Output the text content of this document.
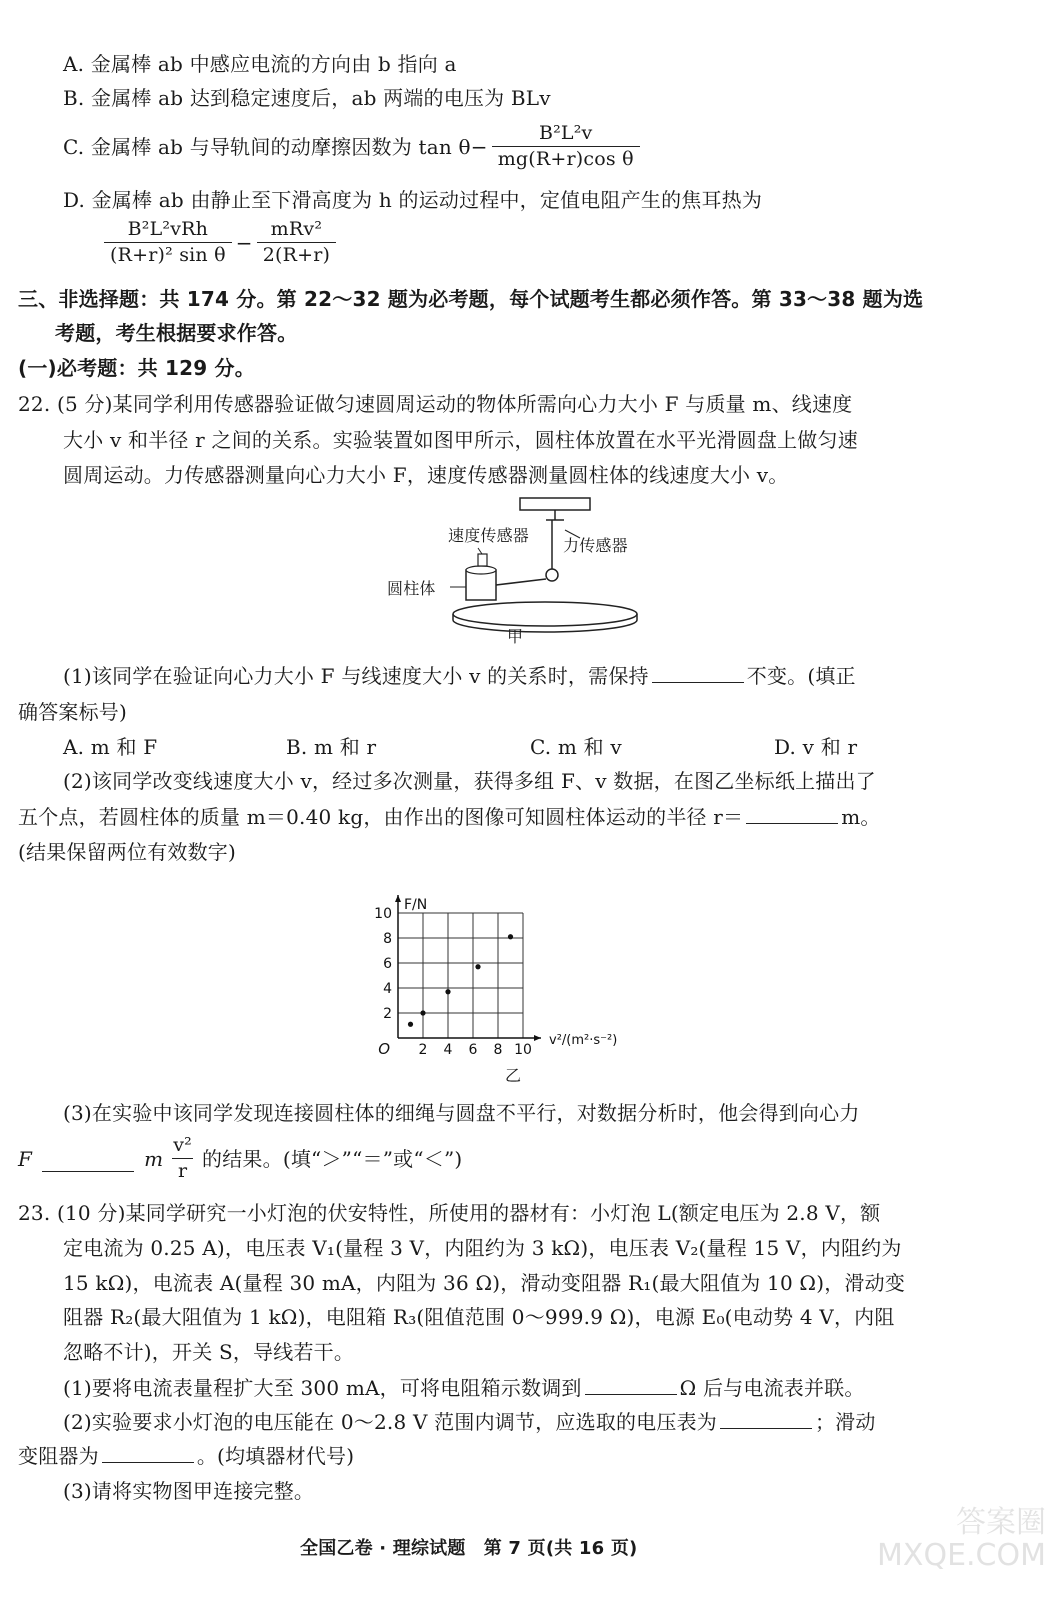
A. 金属棒 ab 中感应电流的方向由 b 指向 a
B. 金属棒 ab 达到稳定速度后，ab 两端的电压为 BLv
C. 金属棒 ab 与导轨间的动摩擦因数为 $\tan \theta- \frac{\text{B²L²v}}{\text{mg(R+r)cos θ}}$
D. 金属棒 ab 由静止至下滑高度为 h 的运动过程中，定值电阻产生的焦耳热为
$\frac{\text{B²L²vRh}}{\text{(R+r)² sin θ}} - \frac{\text{mRv²}}{2(R+r)}$
三、非选择题：共 174 分。第 22～32 题为必考题，每个试题考生都必须作答。第 33～38 题为选
考题，考生根据要求作答。
(一)必考题：共 129 分。
22. (5 分)某同学利用传感器验证做匀速圆周运动的物体所需向心力大小 F 与质量 m、线速度
大小 v 和半径 r 之间的关系。实验装置如图甲所示，圆柱体放置在水平光滑圆盘上做匀速
圆周运动。力传感器测量向心力大小 F，速度传感器测量圆柱体的线速度大小 v。
速度传感器
力传感器
圆柱体
甲
(1)该同学在验证向心力大小 F 与线速度大小 v 的关系时，需保持	不变。(填正
确答案标号)
A. m 和 F	B. m 和 r	C. m 和 v	D. v 和 r
(2)该同学改变线速度大小 v，经过多次测量，获得多组 F、v 数据，在图乙坐标纸上描出了
五个点，若圆柱体的质量 m＝0.40 kg，由作出的图像可知圆柱体运动的半径 r＝	m。
(结果保留两位有效数字)
2 4 6 8 10
2
4
6
8
10
O
F/N
v²/(m²·s⁻²)
乙
(3)在实验中该同学发现连接圆柱体的细绳与圆盘不平行，对数据分析时，他会得到向心力
F	m $\frac{\text{v²}}{r}$ 的结果。(填“＞”“＝”或“＜”)
23. (10 分)某同学研究一小灯泡的伏安特性，所使用的器材有：小灯泡 L(额定电压为 2.8 V，额
定电流为 0.25 A)，电压表 V₁(量程 3 V，内阻约为 3 kΩ)，电压表 V₂(量程 15 V，内阻约为
15 kΩ)，电流表 A(量程 30 mA，内阻为 36 Ω)，滑动变阻器 R₁(最大阻值为 10 Ω)，滑动变
阻器 R₂(最大阻值为 1 kΩ)，电阻箱 R₃(阻值范围 0～999.9 Ω)，电源 E₀(电动势 4 V，内阻
忽略不计)，开关 S，导线若干。
(1)要将电流表量程扩大至 300 mA，可将电阻箱示数调到	Ω 后与电流表并联。
(2)实验要求小灯泡的电压能在 0～2.8 V 范围内调节，应选取的电压表为	；滑动
变阻器为	。(均填器材代号)
(3)请将实物图甲连接完整。
全国乙卷 · 理综试题　第 7 页(共 16 页)
答案圈 MXQE.COM
